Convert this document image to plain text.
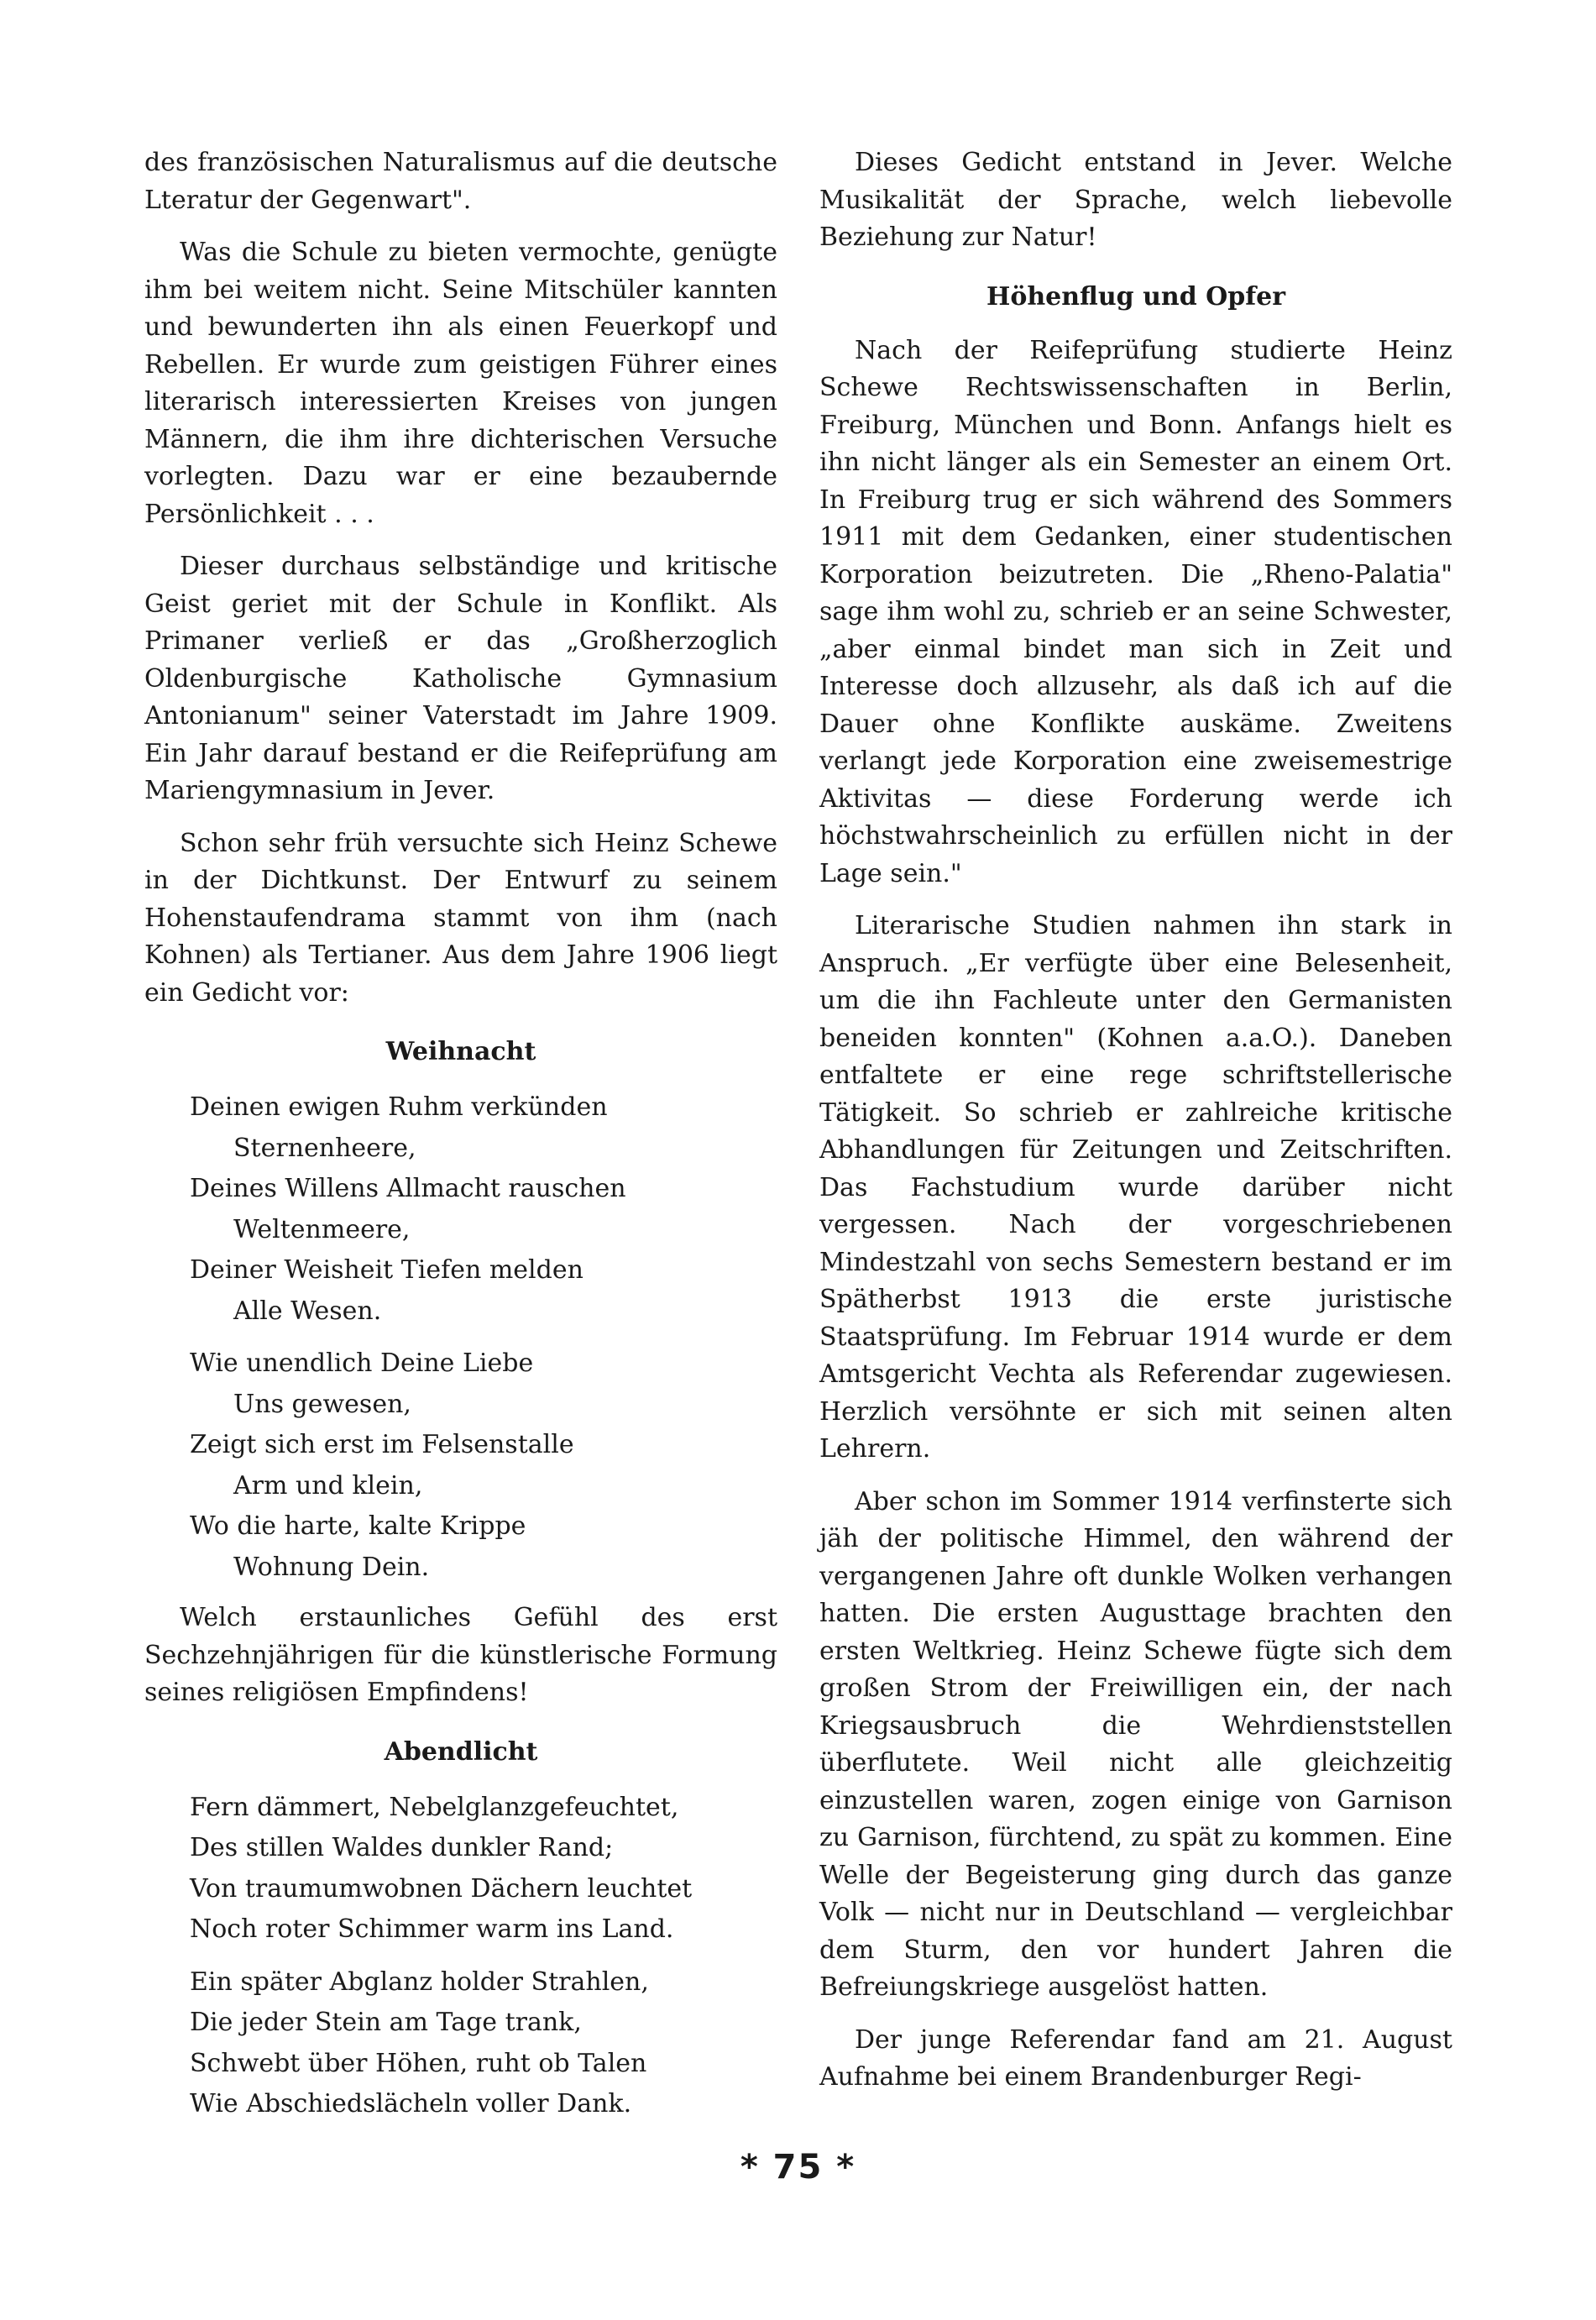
des französischen Naturalismus auf die deutsche Lteratur der Gegenwart".

Was die Schule zu bieten vermochte, genügte ihm bei weitem nicht. Seine Mitschüler kannten und bewunderten ihn als einen Feuerkopf und Rebellen. Er wurde zum geistigen Führer eines literarisch interessierten Kreises von jungen Männern, die ihm ihre dichterischen Versuche vorlegten. Dazu war er eine bezaubernde Persönlichkeit . . .

Dieser durchaus selbständige und kritische Geist geriet mit der Schule in Konflikt. Als Primaner verließ er das „Großherzoglich Oldenburgische Katholische Gymnasium Antonianum" seiner Vaterstadt im Jahre 1909. Ein Jahr darauf bestand er die Reifeprüfung am Mariengymnasium in Jever.

Schon sehr früh versuchte sich Heinz Schewe in der Dichtkunst. Der Entwurf zu seinem Hohenstaufendrama stammt von ihm (nach Kohnen) als Tertianer. Aus dem Jahre 1906 liegt ein Gedicht vor:

Weihnacht
Deinen ewigen Ruhm verkünden
Sternenheere,
Deines Willens Allmacht rauschen
Weltenmeere,
Deiner Weisheit Tiefen melden
Alle Wesen.
Wie unendlich Deine Liebe
Uns gewesen,
Zeigt sich erst im Felsenstalle
Arm und klein,
Wo die harte, kalte Krippe
Wohnung Dein.

Welch erstaunliches Gefühl des erst Sechzehnjährigen für die künstlerische Formung seines religiösen Empfindens!

Abendlicht
Fern dämmert, Nebelglanzgefeuchtet,
Des stillen Waldes dunkler Rand;
Von traumumwobnen Dächern leuchtet
Noch roter Schimmer warm ins Land.
Ein später Abglanz holder Strahlen,
Die jeder Stein am Tage trank,
Schwebt über Höhen, ruht ob Talen
Wie Abschiedslächeln voller Dank.

Dieses Gedicht entstand in Jever. Welche Musikalität der Sprache, welch liebevolle Beziehung zur Natur!

Höhenflug und Opfer

Nach der Reifeprüfung studierte Heinz Schewe Rechtswissenschaften in Berlin, Freiburg, München und Bonn. Anfangs hielt es ihn nicht länger als ein Semester an einem Ort. In Freiburg trug er sich während des Sommers 1911 mit dem Gedanken, einer studentischen Korporation beizutreten. Die „Rheno-Palatia" sage ihm wohl zu, schrieb er an seine Schwester, „aber einmal bindet man sich in Zeit und Interesse doch allzusehr, als daß ich auf die Dauer ohne Konflikte auskäme. Zweitens verlangt jede Korporation eine zweisemestrige Aktivitas — diese Forderung werde ich höchstwahrscheinlich zu erfüllen nicht in der Lage sein."

Literarische Studien nahmen ihn stark in Anspruch. „Er verfügte über eine Belesenheit, um die ihn Fachleute unter den Germanisten beneiden konnten" (Kohnen a.a.O.). Daneben entfaltete er eine rege schriftstellerische Tätigkeit. So schrieb er zahlreiche kritische Abhandlungen für Zeitungen und Zeitschriften. Das Fachstudium wurde darüber nicht vergessen. Nach der vorgeschriebenen Mindestzahl von sechs Semestern bestand er im Spätherbst 1913 die erste juristische Staatsprüfung. Im Februar 1914 wurde er dem Amtsgericht Vechta als Referendar zugewiesen. Herzlich versöhnte er sich mit seinen alten Lehrern.

Aber schon im Sommer 1914 verfinsterte sich jäh der politische Himmel, den während der vergangenen Jahre oft dunkle Wolken verhangen hatten. Die ersten Augusttage brachten den ersten Weltkrieg. Heinz Schewe fügte sich dem großen Strom der Freiwilligen ein, der nach Kriegsausbruch die Wehrdienststellen überflutete. Weil nicht alle gleichzeitig einzustellen waren, zogen einige von Garnison zu Garnison, fürchtend, zu spät zu kommen. Eine Welle der Begeisterung ging durch das ganze Volk — nicht nur in Deutschland — vergleichbar dem Sturm, den vor hundert Jahren die Befreiungskriege ausgelöst hatten.

Der junge Referendar fand am 21. August Aufnahme bei einem Brandenburger Regi-

* 75 *
